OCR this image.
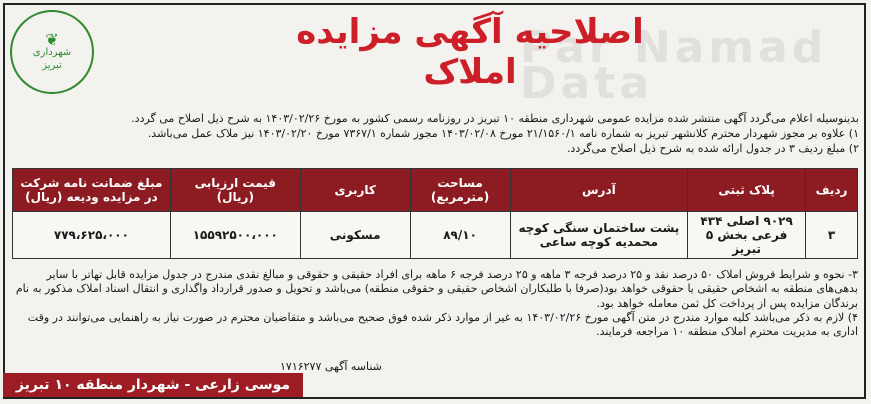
Par Namad Data
❦
شهرداری
تبریز
اصلاحیه آگهی مزایده املاک
بدینوسیله اعلام می‌گردد آگهی منتشر شده مزایده عمومی شهرداری منطقه ۱۰ تبریز در روزنامه رسمی کشور به مورخ ۱۴۰۳/۰۲/۲۶ به شرح ذیل اصلاح می گردد.
۱) علاوه بر مجوز شهردار محترم کلانشهر تبریز به شماره نامه ۲۱/۱۵۶۰/۱ مورخ ۱۴۰۳/۰۲/۰۸ مجوز شماره ۷۳۶۷/۱ مورخ ۱۴۰۳/۰۲/۲۰ نیز ملاک عمل می‌باشد.
۲) مبلغ ردیف ۳ در جدول ارائه شده به شرح ذیل اصلاح می‌گردد.
ردیف	پلاک ثبتی	آدرس	مساحت (مترمربع)	کاربری	قیمت ارزیابی (ریال)	مبلغ ضمانت نامه شرکت در مزایده ودیعه (ریال)
۳	۹۰۲۹ اصلی ۴۳۴ فرعی بخش ۵ تبریز	پشت ساختمان سنگی کوچه محمدیه کوچه ساعی	۸۹/۱۰	مسکونی	۱۵۵۹۲۵۰۰،۰۰۰	۷۷۹،۶۲۵،۰۰۰
۳- نحوه و شرایط فروش املاک ۵۰ درصد نقد و ۲۵ درصد فرجه ۳ ماهه و ۲۵ درصد فرجه ۶ ماهه برای افراد حقیقی و حقوقی و مبالغ نقدی مندرج در جدول مزایده قابل تهاتر با سایر بدهی‌های منطقه به اشخاص حقیقی یا حقوقی خواهد بود(صرفا با طلبکاران اشخاص حقیقی و حقوقی منطقه) می‌باشد و تحویل و صدور قرارداد واگذاری و انتقال اسناد املاک مذکور به نام برندگان مزایده پس از پرداخت کل ثمن معامله خواهد بود.
۴) لازم به ذکر می‌باشد کلیه موارد مندرج در متن آگهی مورخ ۱۴۰۳/۰۲/۲۶ به غیر از موارد ذکر شده فوق صحیح می‌باشد و متقاضیان محترم در صورت نیاز به راهنمایی می‌توانند در وقت اداری به مدیریت محترم املاک منطقه ۱۰ مراجعه فرمایند.
شناسه آگهی ۱۷۱۶۲۷۷
موسی زارعی - شهردار منطقه ۱۰ تبریز
